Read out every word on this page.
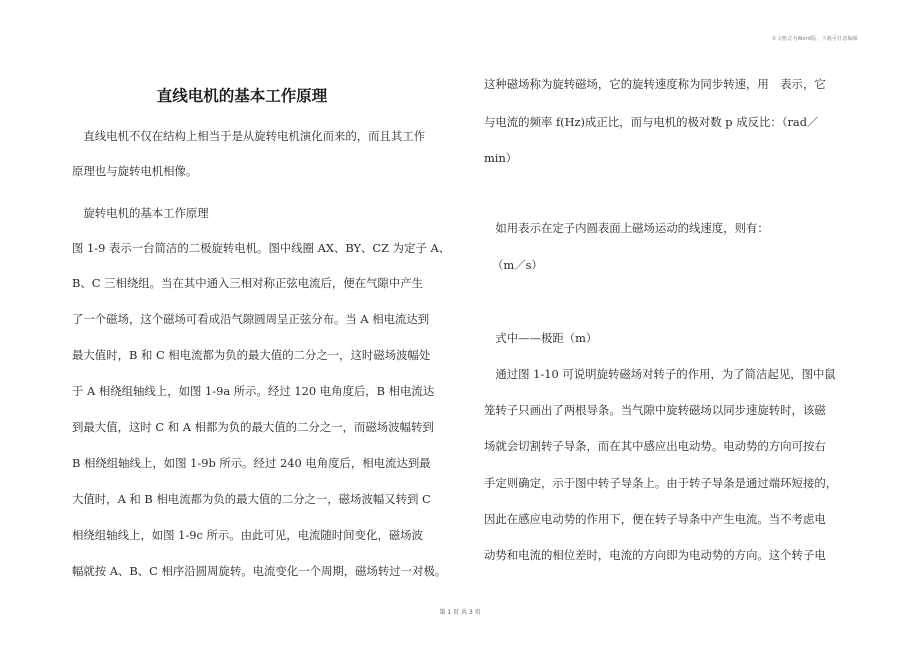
本文格式为Word版，下载可任意编辑
直线电机的基本工作原理
　直线电机不仅在结构上相当于是从旋转电机演化而来的，而且其工作
原理也与旋转电机相像。
　旋转电机的基本工作原理
图 1-9 表示一台简洁的二极旋转电机。图中线圈 AX、BY、CZ 为定子 A、
B、C 三相绕组。当在其中通入三相对称正弦电流后，便在气隙中产生
了一个磁场，这个磁场可看成沿气隙圆周呈正弦分布。当 A 相电流达到
最大值时，B 和 C 相电流都为负的最大值的二分之一，这时磁场波幅处
于 A 相绕组轴线上，如图 1-9a 所示。经过 120 电角度后，B 相电流达
到最大值，这时 C 和 A 相都为负的最大值的二分之一，而磁场波幅转到
B 相绕组轴线上，如图 1-9b 所示。经过 240 电角度后，相电流达到最
大值时，A 和 B 相电流都为负的最大值的二分之一，磁场波幅又转到 C
相绕组轴线上，如图 1-9c 所示。由此可见，电流随时间变化，磁场波
幅就按 A、B、C 相序沿圆周旋转。电流变化一个周期，磁场转过一对极。
这种磁场称为旋转磁场，它的旋转速度称为同步转速，用　表示，它
与电流的频率 f(Hz)成正比，而与电机的极对数 p 成反比：（rad／
min）
　如用表示在定子内圆表面上磁场运动的线速度，则有：
（m／s）
　式中——极距（m）
　通过图 1-10 可说明旋转磁场对转子的作用，为了简洁起见，图中鼠
笼转子只画出了两根导条。当气隙中旋转磁场以同步速旋转时，该磁
场就会切割转子导条，而在其中感应出电动势。电动势的方向可按右
手定则确定，示于图中转子导条上。由于转子导条是通过端环短接的，
因此在感应电动势的作用下，便在转子导条中产生电流。当不考虑电
动势和电流的相位差时，电流的方向即为电动势的方向。这个转子电
第 1 页 共 3 页
